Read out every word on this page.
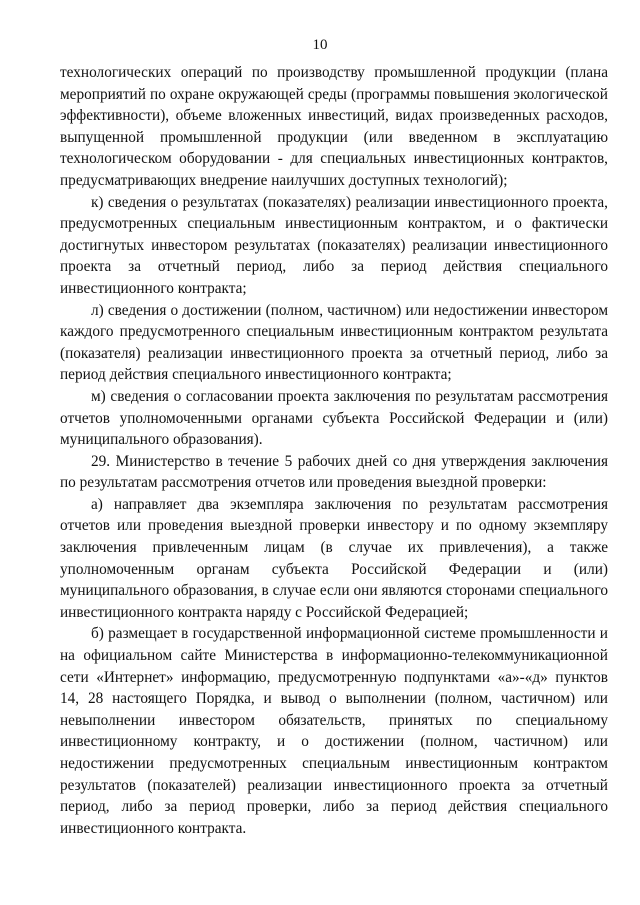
10

технологических операций по производству промышленной продукции (плана мероприятий по охране окружающей среды (программы повышения экологической эффективности), объеме вложенных инвестиций, видах произведенных расходов, выпущенной промышленной продукции (или введенном в эксплуатацию технологическом оборудовании - для специальных инвестиционных контрактов, предусматривающих внедрение наилучших доступных технологий);

к) сведения о результатах (показателях) реализации инвестиционного проекта, предусмотренных специальным инвестиционным контрактом, и о фактически достигнутых инвестором результатах (показателях) реализации инвестиционного проекта за отчетный период, либо за период действия специального инвестиционного контракта;

л) сведения о достижении (полном, частичном) или недостижении инвестором каждого предусмотренного специальным инвестиционным контрактом результата (показателя) реализации инвестиционного проекта за отчетный период, либо за период действия специального инвестиционного контракта;

м) сведения о согласовании проекта заключения по результатам рассмотрения отчетов уполномоченными органами субъекта Российской Федерации и (или) муниципального образования).

29. Министерство в течение 5 рабочих дней со дня утверждения заключения по результатам рассмотрения отчетов или проведения выездной проверки:

а) направляет два экземпляра заключения по результатам рассмотрения отчетов или проведения выездной проверки инвестору и по одному экземпляру заключения привлеченным лицам (в случае их привлечения), а также уполномоченным органам субъекта Российской Федерации и (или) муниципального образования, в случае если они являются сторонами специального инвестиционного контракта наряду с Российской Федерацией;

б) размещает в государственной информационной системе промышленности и на официальном сайте Министерства в информационно-телекоммуникационной сети «Интернет» информацию, предусмотренную подпунктами «а»-«д» пунктов 14, 28 настоящего Порядка, и вывод о выполнении (полном, частичном) или невыполнении инвестором обязательств, принятых по специальному инвестиционному контракту, и о достижении (полном, частичном) или недостижении предусмотренных специальным инвестиционным контрактом результатов (показателей) реализации инвестиционного проекта за отчетный период, либо за период проверки, либо за период действия специального инвестиционного контракта.
